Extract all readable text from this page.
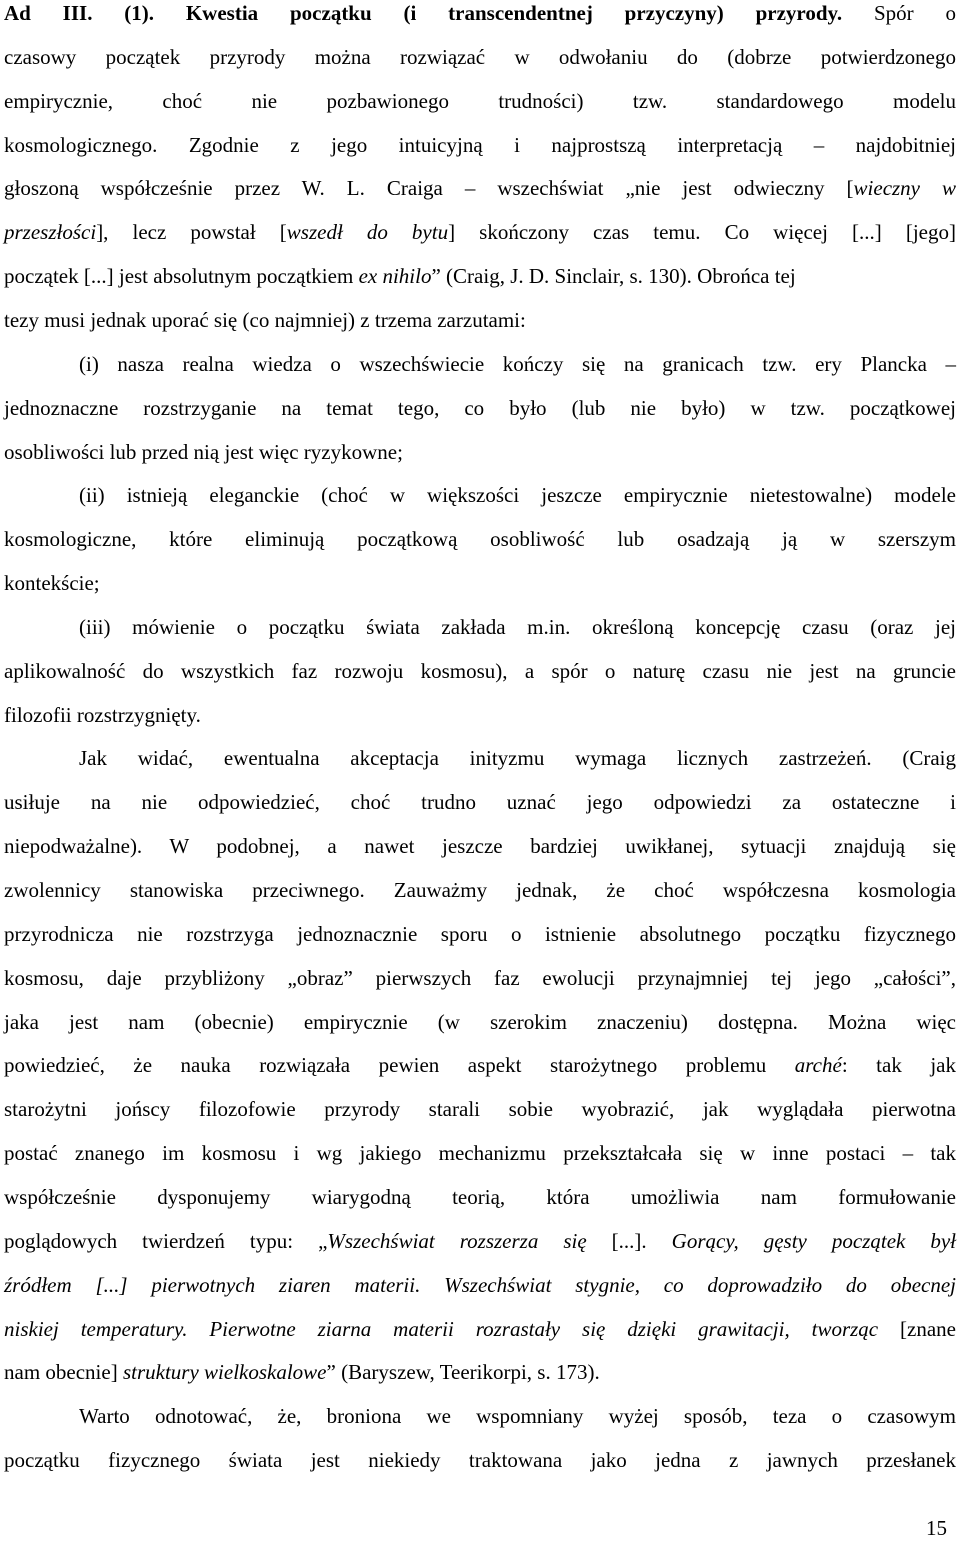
Ad III. (1). Kwestia początku (i transcendentnej przyczyny) przyrody. Spór o
czasowy początek przyrody można rozwiązać w odwołaniu do (dobrze potwierdzonego
empirycznie, choć nie pozbawionego trudności) tzw. standardowego modelu
kosmologicznego. Zgodnie z jego intuicyjną i najprostszą interpretacją – najdobitniej
głoszoną współcześnie przez W. L. Craiga – wszechświat „nie jest odwieczny [wieczny w
przeszłości], lecz powstał [wszedł do bytu] skończony czas temu. Co więcej [...] [jego]
początek [...] jest absolutnym początkiem ex nihilo” (Craig, J. D. Sinclair, s. 130). Obrońca tej
tezy musi jednak uporać się (co najmniej) z trzema zarzutami:
(i) nasza realna wiedza o wszechświecie kończy się na granicach tzw. ery Plancka –
jednoznaczne rozstrzyganie na temat tego, co było (lub nie było) w tzw. początkowej
osobliwości lub przed nią jest więc ryzykowne;
(ii) istnieją eleganckie (choć w większości jeszcze empirycznie nietestowalne) modele
kosmologiczne, które eliminują początkową osobliwość lub osadzają ją w szerszym
kontekście;
(iii) mówienie o początku świata zakłada m.in. określoną koncepcję czasu (oraz jej
aplikowalność do wszystkich faz rozwoju kosmosu), a spór o naturę czasu nie jest na gruncie
filozofii rozstrzygnięty.
Jak widać, ewentualna akceptacja inityzmu wymaga licznych zastrzeżeń. (Craig
usiłuje na nie odpowiedzieć, choć trudno uznać jego odpowiedzi za ostateczne i
niepodważalne). W podobnej, a nawet jeszcze bardziej uwikłanej, sytuacji znajdują się
zwolennicy stanowiska przeciwnego. Zauważmy jednak, że choć współczesna kosmologia
przyrodnicza nie rozstrzyga jednoznacznie sporu o istnienie absolutnego początku fizycznego
kosmosu, daje przybliżony „obraz” pierwszych faz ewolucji przynajmniej tej jego „całości”,
jaka jest nam (obecnie) empirycznie (w szerokim znaczeniu) dostępna. Można więc
powiedzieć, że nauka rozwiązała pewien aspekt starożytnego problemu arché: tak jak
starożytni jońscy filozofowie przyrody starali sobie wyobrazić, jak wyglądała pierwotna
postać znanego im kosmosu i wg jakiego mechanizmu przekształcała się w inne postaci – tak
współcześnie dysponujemy wiarygodną teorią, która umożliwia nam formułowanie
poglądowych twierdzeń typu: „Wszechświat rozszerza się [...]. Gorący, gęsty początek był
źródłem [...] pierwotnych ziaren materii. Wszechświat stygnie, co doprowadziło do obecnej
niskiej temperatury. Pierwotne ziarna materii rozrastały się dzięki grawitacji, tworząc [znane
nam obecnie] struktury wielkoskalowe” (Baryszew, Teerikorpi, s. 173).
Warto odnotować, że, broniona we wspomniany wyżej sposób, teza o czasowym
początku fizycznego świata jest niekiedy traktowana jako jedna z jawnych przesłanek
15
